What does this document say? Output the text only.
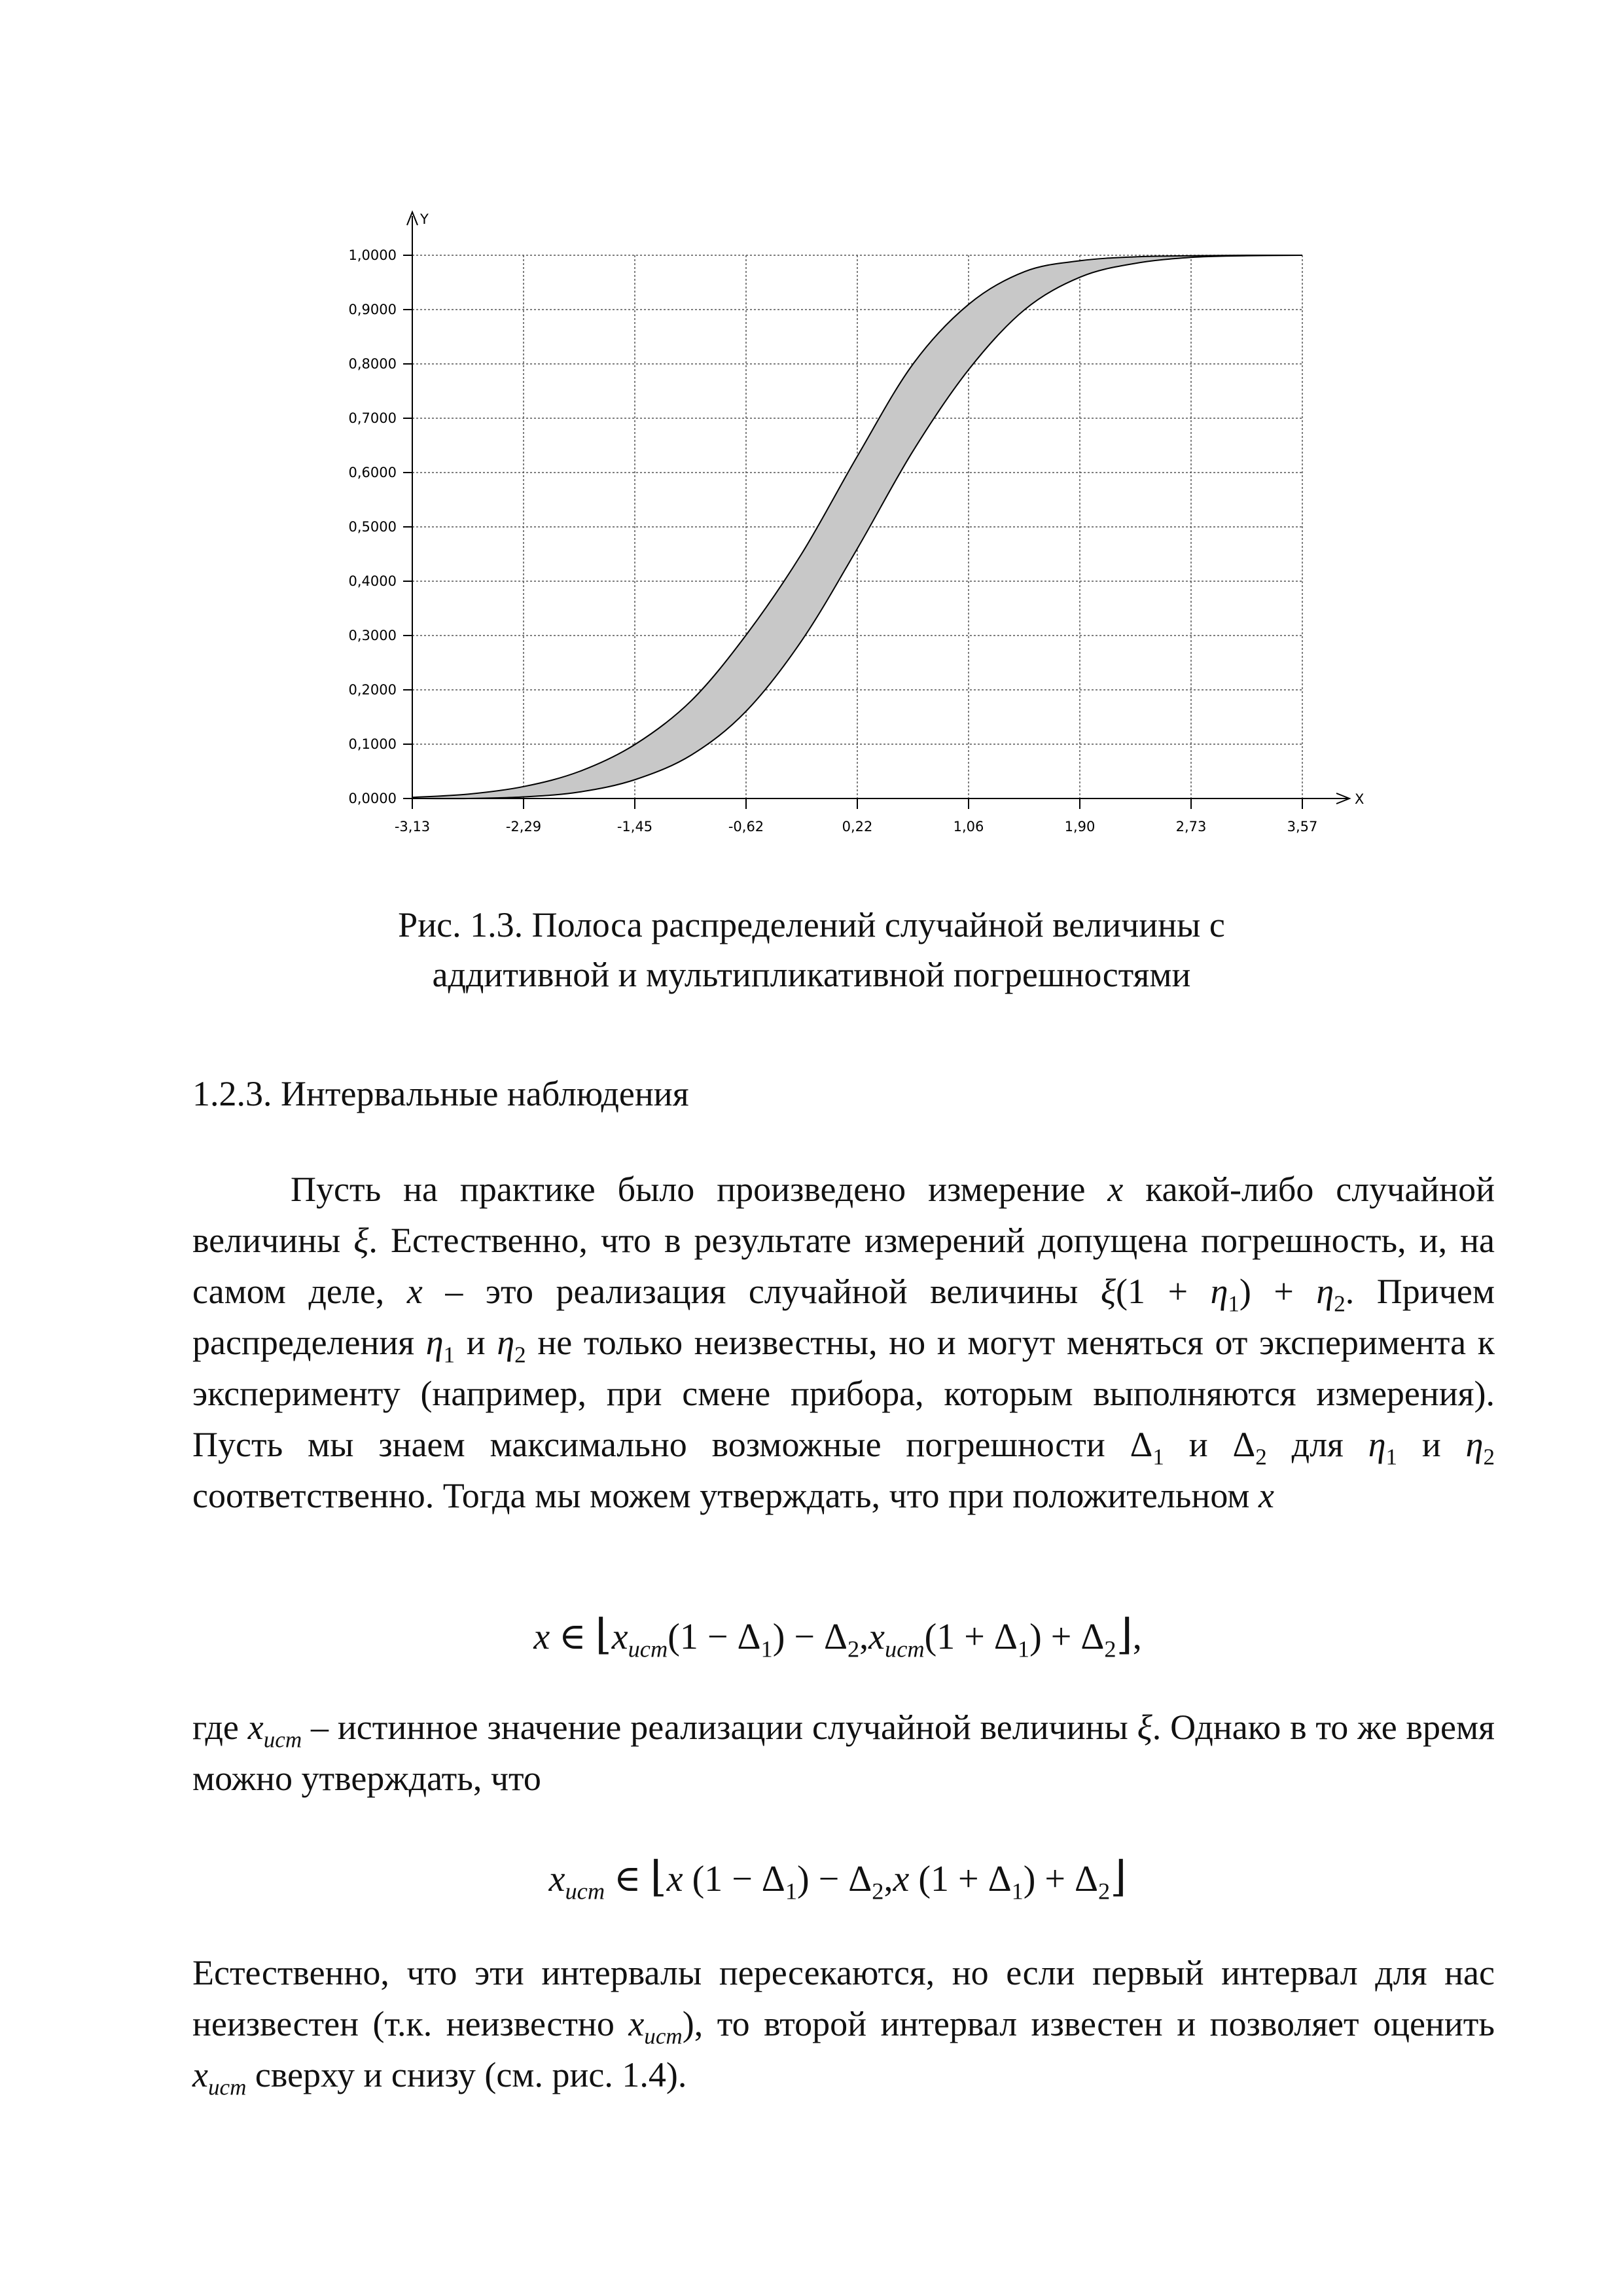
0,0000
0,1000
0,2000
0,3000
0,4000
0,5000
0,6000
0,7000
0,8000
0,9000
1,0000
-3,13	-2,29	-1,45	-0,62	0,22	1,06	1,90	2,73	3,57
X
Y
Рис. 1.3. Полоса распределений случайной величины с
аддитивной и мультипликативной погрешностями
1.2.3. Интервальные наблюдения

Пусть на практике было произведено измерение x какой-либо случайной величины ξ. Естественно, что в результате измерений допущена погрешность, и, на самом деле, x – это реализация случайной величины $\xi(1 + \eta_1) + \eta_2$. Причем распределения $\eta_1$ и $\eta_2$ не только неизвестны, но и могут меняться от эксперимента к эксперименту (например, при смене прибора, которым выполняются измерения). Пусть мы знаем максимально возможные погрешности $\Delta_1$ и $\Delta_2$ для $\eta_1$ и $\eta_2$ соответственно. Тогда мы можем утверждать, что при положительном x

x ∈ $⌊x_{ист}(1 - \Delta_1) - \Delta_2,x_{ист}(1 + \Delta_1)$ + $\Delta_2⌋$,

где $x_{ист}$ – истинное значение реализации случайной величины ξ. Однако в то же время можно утверждать, что

$x_{ист}$ ∈ ⌊x $(1 - \Delta_1) - \Delta_2,x$ $(1 + \Delta_1)$ + $\Delta_2⌋$

Естественно, что эти интервалы пересекаются, но если первый интервал для нас неизвестен (т.к. неизвестно $x_{ист}$), то второй интервал известен и позволяет оценить $x_{ист}$ сверху и снизу (см. рис. 1.4).
